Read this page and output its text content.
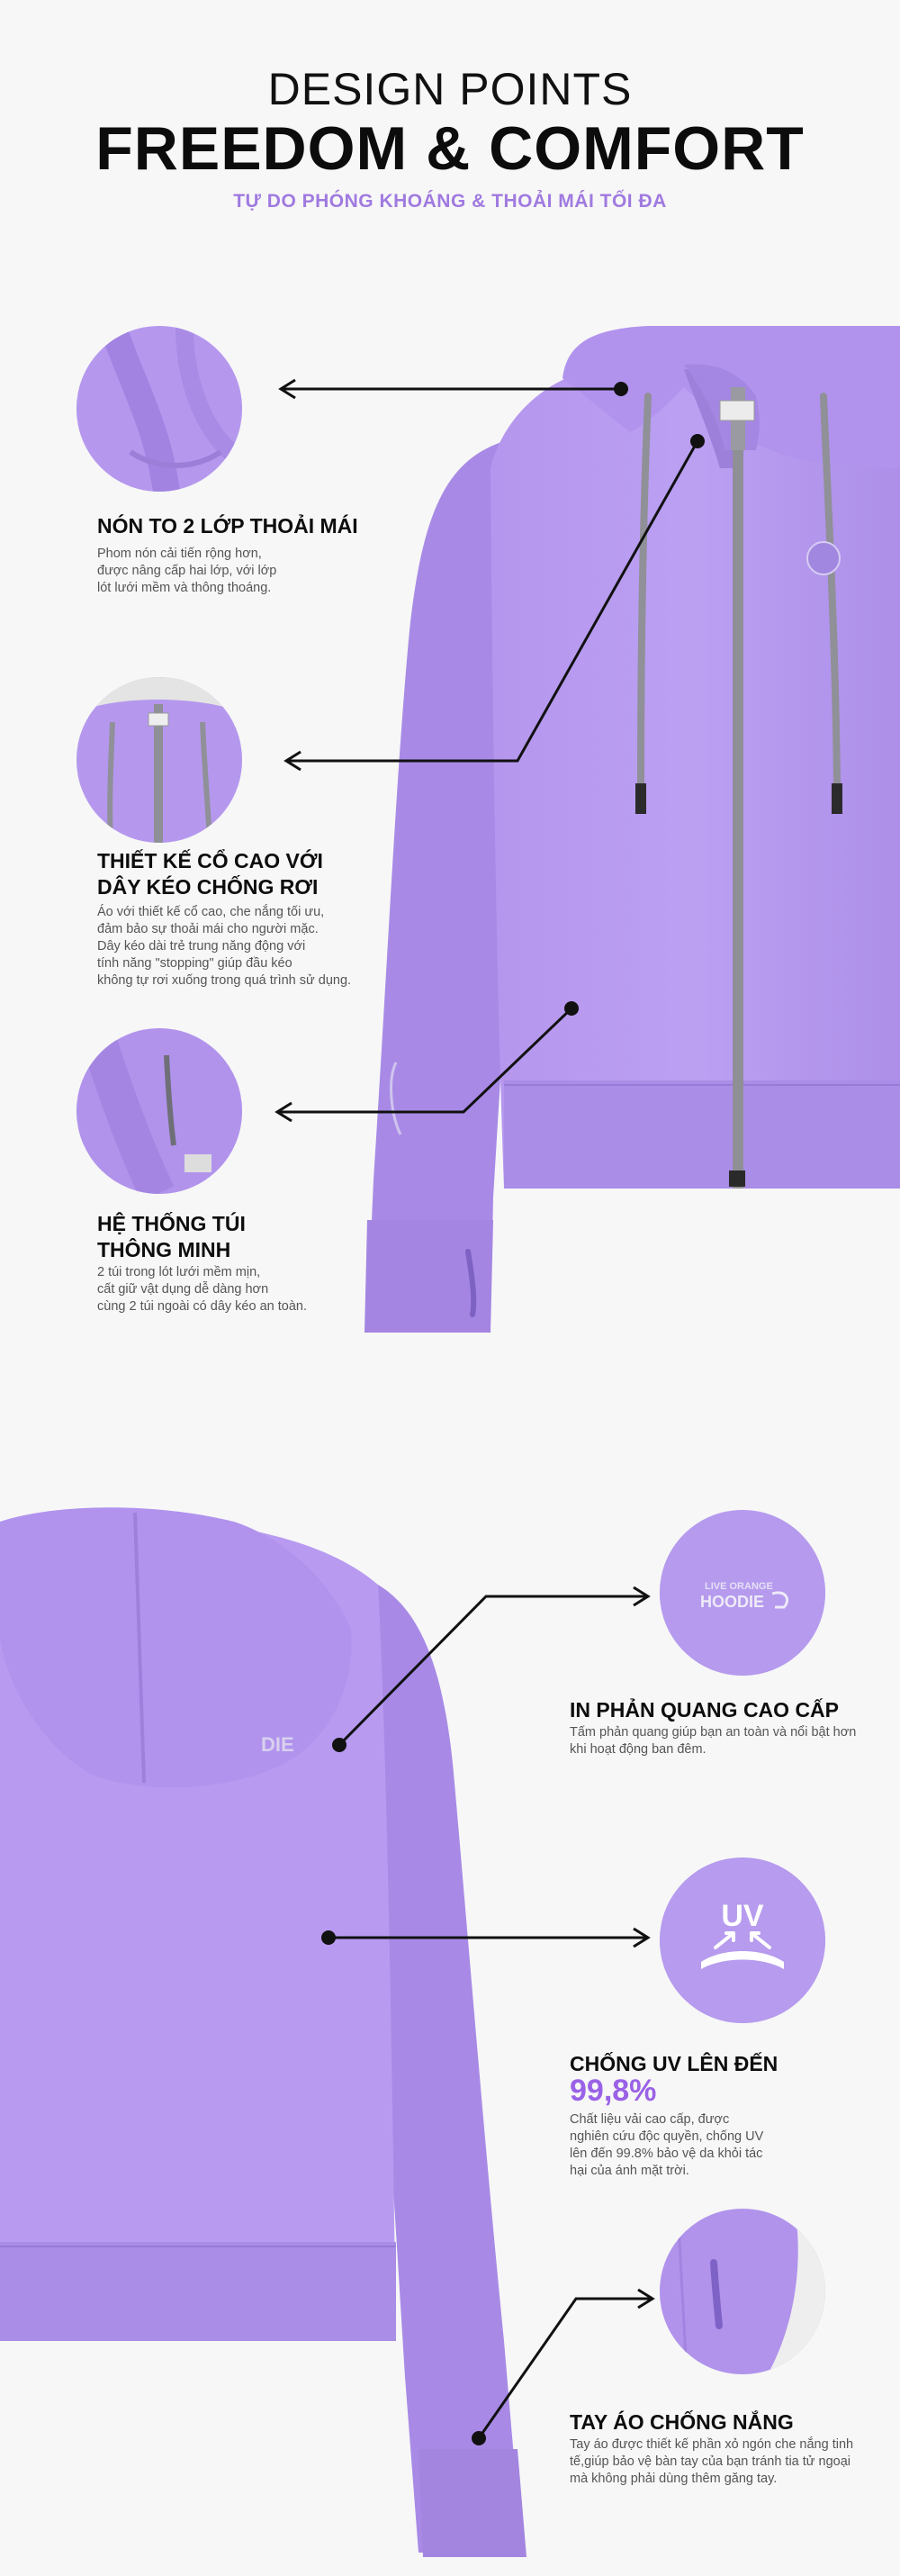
DESIGN POINTS
FREEDOM & COMFORT
TỰ DO PHÓNG KHOÁNG & THOẢI MÁI TỐI ĐA
NÓN TO 2 LỚP THOẢI MÁI
Phom nón cải tiến rộng hơn,
được nâng cấp hai lớp, với lớp
lót lưới mềm và thông thoáng.
THIẾT KẾ CỔ CAO VỚI
DÂY KÉO CHỐNG RƠI
Áo với thiết kế cổ cao, che nắng tối ưu,
đảm bảo sự thoải mái cho người mặc.
Dây kéo dài trẻ trung năng động với
tính năng "stopping" giúp đầu kéo
không tự rơi xuống trong quá trình sử dụng.
HỆ THỐNG TÚI
THÔNG MINH
2 túi trong lót lưới mềm mịn,
cất giữ vật dụng dễ dàng hơn
cùng 2 túi ngoài có dây kéo an toàn.
DIE
LIVE ORANGE
HOODIE
IN PHẢN QUANG CAO CẤP
Tấm phản quang giúp bạn an toàn và nổi bật hơn
khi hoạt động ban đêm.
UV
CHỐNG UV LÊN ĐẾN
99,8%
Chất liệu vải cao cấp, được
nghiên cứu độc quyền, chống UV
lên đến 99.8% bảo vệ da khỏi tác
hại của ánh mặt trời.
TAY ÁO CHỐNG NẮNG
Tay áo được thiết kế phần xỏ ngón che nắng tinh
tế,giúp bảo vệ bàn tay của bạn tránh tia tử ngoại
mà không phải dùng thêm găng tay.
